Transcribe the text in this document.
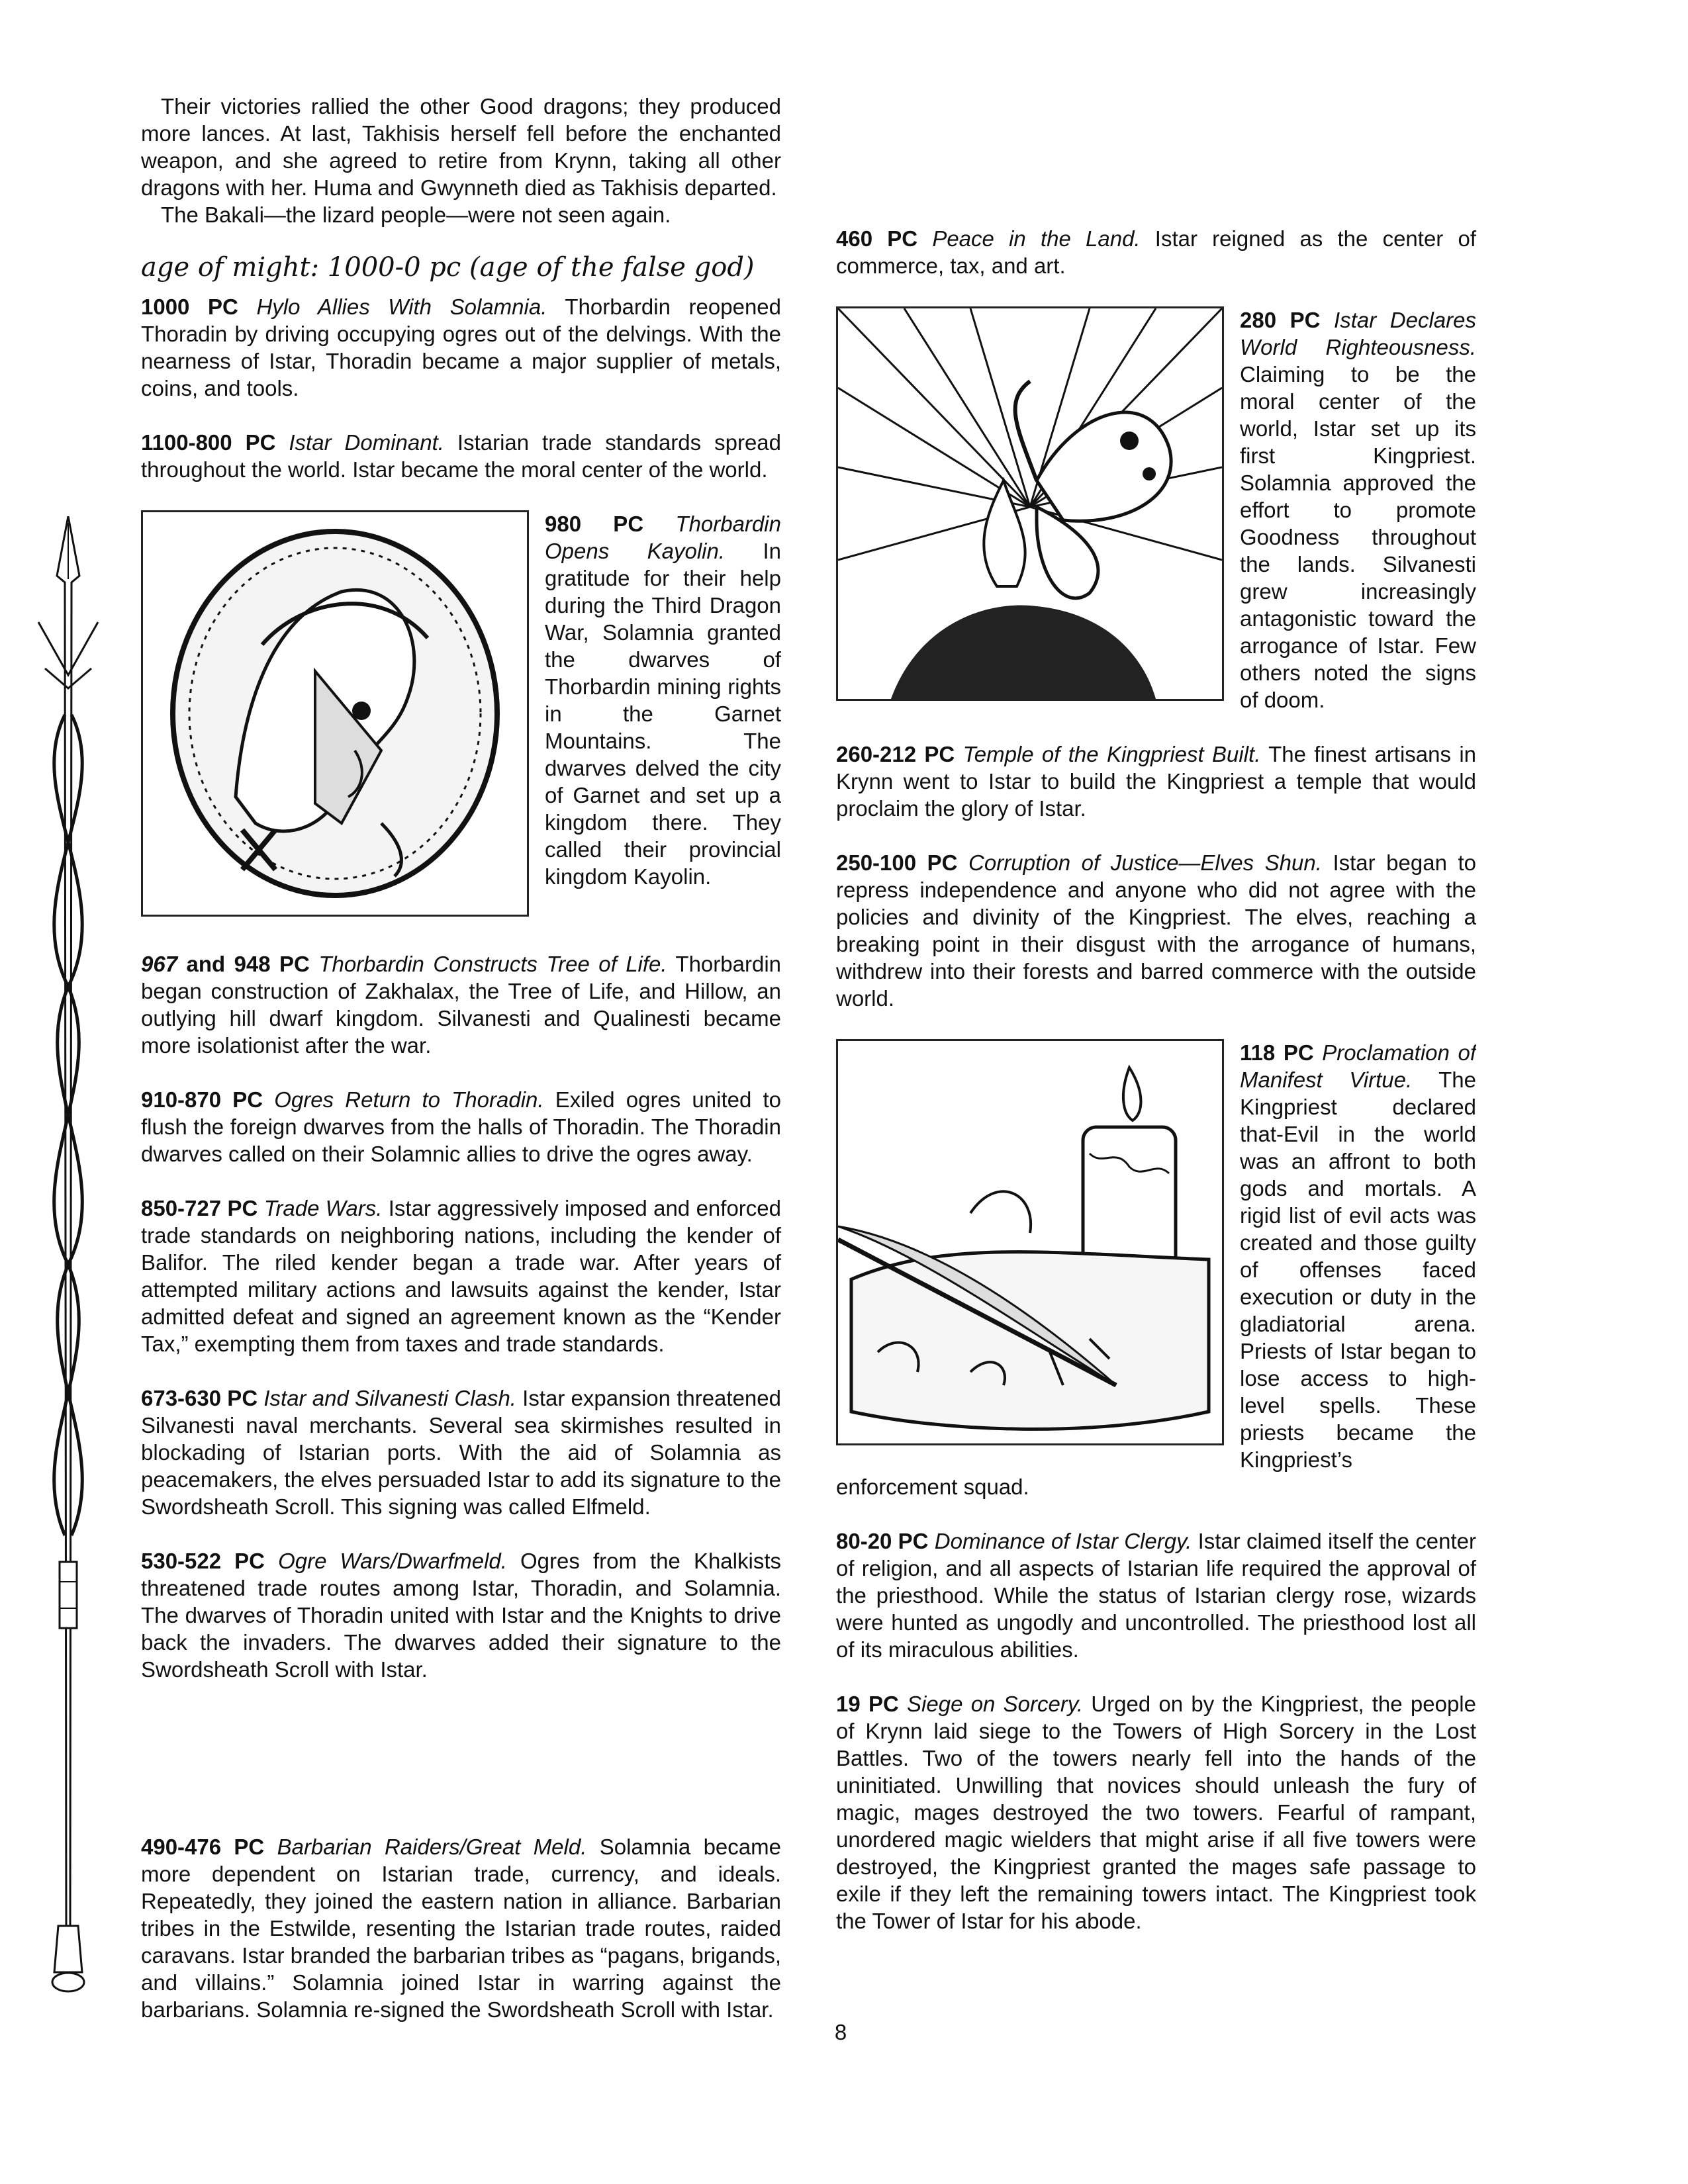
Their victories rallied the other Good dragons; they produced more lances. At last, Takhisis herself fell before the enchanted weapon, and she agreed to retire from Krynn, taking all other dragons with her. Huma and Gwynneth died as Takhisis departed.

The Bakali—the lizard people—were not seen again.

age of might: 1000-0 pc (age of the false god)

1000 PC Hylo Allies With Solamnia. Thorbardin reopened Thoradin by driving occupying ogres out of the delvings. With the nearness of Istar, Thoradin became a major supplier of metals, coins, and tools.

1100-800 PC Istar Dominant. Istarian trade standards spread throughout the world. Istar became the moral center of the world.

980 PC Thorbardin Opens Kayolin. In gratitude for their help during the Third Dragon War, Solamnia granted the dwarves of Thorbardin mining rights in the Garnet Mountains. The dwarves delved the city of Garnet and set up a kingdom there. They called their provincial kingdom Kayolin.

967 and 948 PC Thorbardin Constructs Tree of Life. Thorbardin began construction of Zakhalax, the Tree of Life, and Hillow, an outlying hill dwarf kingdom. Silvanesti and Qualinesti became more isolationist after the war.

910-870 PC Ogres Return to Thoradin. Exiled ogres united to flush the foreign dwarves from the halls of Thoradin. The Thoradin dwarves called on their Solamnic allies to drive the ogres away.

850-727 PC Trade Wars. Istar aggressively imposed and enforced trade standards on neighboring nations, including the kender of Balifor. The riled kender began a trade war. After years of attempted military actions and lawsuits against the kender, Istar admitted defeat and signed an agreement known as the “Kender Tax,” exempting them from taxes and trade standards.

673-630 PC Istar and Silvanesti Clash. Istar expansion threatened Silvanesti naval merchants. Several sea skirmishes resulted in blockading of Istarian ports. With the aid of Solamnia as peacemakers, the elves persuaded Istar to add its signature to the Swordsheath Scroll. This signing was called Elfmeld.

530-522 PC Ogre Wars/Dwarfmeld. Ogres from the Khalkists threatened trade routes among Istar, Thoradin, and Solamnia. The dwarves of Thoradin united with Istar and the Knights to drive back the invaders. The dwarves added their signature to the Swordsheath Scroll with Istar.

490-476 PC Barbarian Raiders/Great Meld. Solamnia became more dependent on Istarian trade, currency, and ideals. Repeatedly, they joined the eastern nation in alliance. Barbarian tribes in the Estwilde, resenting the Istarian trade routes, raided caravans. Istar branded the barbarian tribes as “pagans, brigands, and villains.” Solamnia joined Istar in warring against the barbarians. Solamnia re-signed the Swordsheath Scroll with Istar.

460 PC Peace in the Land. Istar reigned as the center of commerce, tax, and art.

280 PC Istar Declares World Righteousness. Claiming to be the moral center of the world, Istar set up its first Kingpriest. Solamnia approved the effort to promote Goodness throughout the lands. Silvanesti grew increasingly antagonistic toward the arrogance of Istar. Few others noted the signs of doom.

260-212 PC Temple of the Kingpriest Built. The finest artisans in Krynn went to Istar to build the Kingpriest a temple that would proclaim the glory of Istar.

250-100 PC Corruption of Justice—Elves Shun. Istar began to repress independence and anyone who did not agree with the policies and divinity of the Kingpriest. The elves, reaching a breaking point in their disgust with the arrogance of humans, withdrew into their forests and barred commerce with the outside world.

118 PC Proclamation of Manifest Virtue. The Kingpriest declared that-Evil in the world was an affront to both gods and mortals. A rigid list of evil acts was created and those guilty of offenses faced execution or duty in the gladiatorial arena. Priests of Istar began to lose access to high-level spells. These priests became the Kingpriest’s enforcement squad.

80-20 PC Dominance of Istar Clergy. Istar claimed itself the center of religion, and all aspects of Istarian life required the approval of the priesthood. While the status of Istarian clergy rose, wizards were hunted as ungodly and uncontrolled. The priesthood lost all of its miraculous abilities.

19 PC Siege on Sorcery. Urged on by the Kingpriest, the people of Krynn laid siege to the Towers of High Sorcery in the Lost Battles. Two of the towers nearly fell into the hands of the uninitiated. Unwilling that novices should unleash the fury of magic, mages destroyed the two towers. Fearful of rampant, unordered magic wielders that might arise if all five towers were destroyed, the Kingpriest granted the mages safe passage to exile if they left the remaining towers intact. The Kingpriest took the Tower of Istar for his abode.

8
